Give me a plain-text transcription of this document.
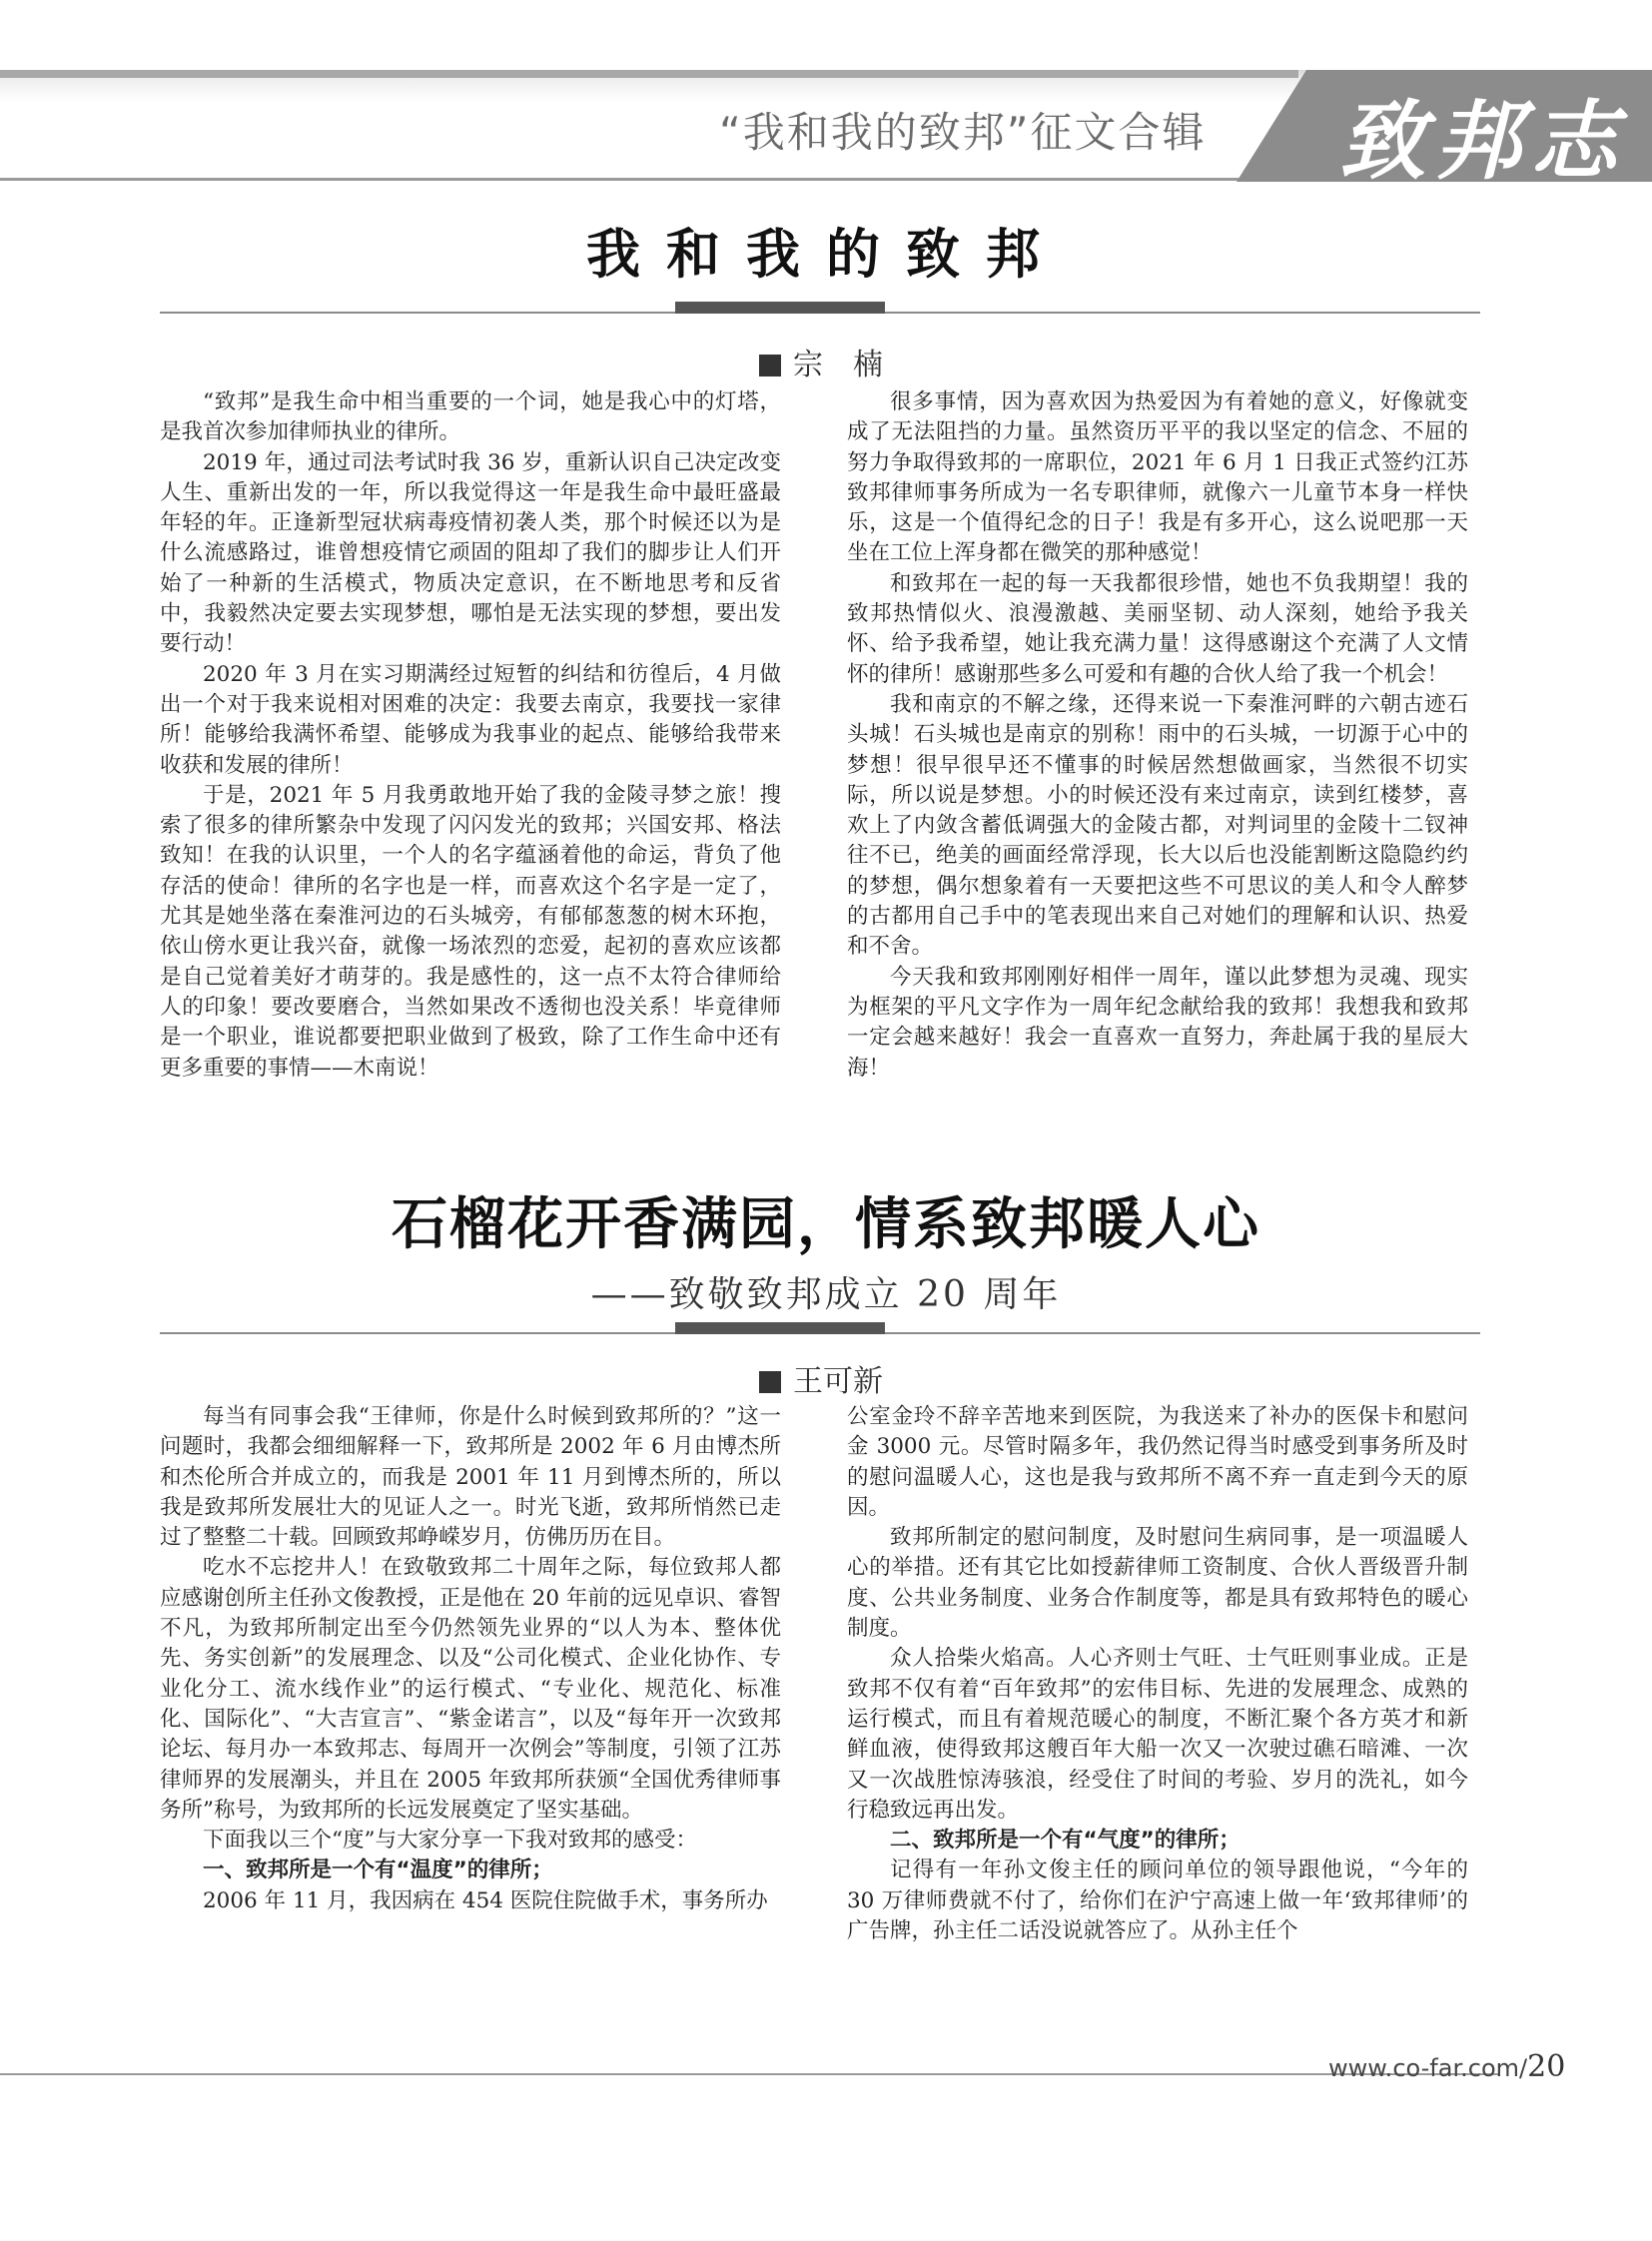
“我和我的致邦”征文合辑 致邦志
我和我的致邦
宗　楠

“致邦”是我生命中相当重要的一个词，她是我心中的灯塔，是我首次参加律师执业的律所。

2019 年，通过司法考试时我 36 岁，重新认识自己决定改变人生、重新出发的一年，所以我觉得这一年是我生命中最旺盛最年轻的年。正逢新型冠状病毒疫情初袭人类，那个时候还以为是什么流感路过，谁曾想疫情它顽固的阻却了我们的脚步让人们开始了一种新的生活模式，物质决定意识，在不断地思考和反省中，我毅然决定要去实现梦想，哪怕是无法实现的梦想，要出发要行动！

2020 年 3 月在实习期满经过短暂的纠结和彷徨后，4 月做出一个对于我来说相对困难的决定：我要去南京，我要找一家律所！能够给我满怀希望、能够成为我事业的起点、能够给我带来收获和发展的律所！

于是，2021 年 5 月我勇敢地开始了我的金陵寻梦之旅！搜索了很多的律所繁杂中发现了闪闪发光的致邦；兴国安邦、格法致知！在我的认识里，一个人的名字蕴涵着他的命运，背负了他存活的使命！律所的名字也是一样，而喜欢这个名字是一定了，尤其是她坐落在秦淮河边的石头城旁，有郁郁葱葱的树木环抱，依山傍水更让我兴奋，就像一场浓烈的恋爱，起初的喜欢应该都是自己觉着美好才萌芽的。我是感性的，这一点不太符合律师给人的印象！要改要磨合，当然如果改不透彻也没关系！毕竟律师是一个职业，谁说都要把职业做到了极致，除了工作生命中还有更多重要的事情——木南说！

很多事情，因为喜欢因为热爱因为有着她的意义，好像就变成了无法阻挡的力量。虽然资历平平的我以坚定的信念、不屈的努力争取得致邦的一席职位，2021 年 6 月 1 日我正式签约江苏致邦律师事务所成为一名专职律师，就像六一儿童节本身一样快乐，这是一个值得纪念的日子！我是有多开心，这么说吧那一天坐在工位上浑身都在微笑的那种感觉！

和致邦在一起的每一天我都很珍惜，她也不负我期望！我的致邦热情似火、浪漫激越、美丽坚韧、动人深刻，她给予我关怀、给予我希望，她让我充满力量！这得感谢这个充满了人文情怀的律所！感谢那些多么可爱和有趣的合伙人给了我一个机会！

我和南京的不解之缘，还得来说一下秦淮河畔的六朝古迹石头城！石头城也是南京的别称！雨中的石头城，一切源于心中的梦想！很早很早还不懂事的时候居然想做画家，当然很不切实际，所以说是梦想。小的时候还没有来过南京，读到红楼梦，喜欢上了内敛含蓄低调强大的金陵古都，对判词里的金陵十二钗神往不已，绝美的画面经常浮现，长大以后也没能割断这隐隐约约的梦想，偶尔想象着有一天要把这些不可思议的美人和令人醉梦的古都用自己手中的笔表现出来自己对她们的理解和认识、热爱和不舍。

今天我和致邦刚刚好相伴一周年，谨以此梦想为灵魂、现实为框架的平凡文字作为一周年纪念献给我的致邦！我想我和致邦一定会越来越好！我会一直喜欢一直努力，奔赴属于我的星辰大海！

石榴花开香满园，情系致邦暖人心
——致敬致邦成立 20 周年
王可新

每当有同事会我“王律师，你是什么时候到致邦所的？”这一问题时，我都会细细解释一下，致邦所是 2002 年 6 月由博杰所和杰伦所合并成立的，而我是 2001 年 11 月到博杰所的，所以我是致邦所发展壮大的见证人之一。时光飞逝，致邦所悄然已走过了整整二十载。回顾致邦峥嵘岁月，仿佛历历在目。

吃水不忘挖井人！在致敬致邦二十周年之际，每位致邦人都应感谢创所主任孙文俊教授，正是他在 20 年前的远见卓识、睿智不凡，为致邦所制定出至今仍然领先业界的“以人为本、整体优先、务实创新”的发展理念、以及“公司化模式、企业化协作、专业化分工、流水线作业”的运行模式、“专业化、规范化、标准化、国际化”、“大吉宣言”、“紫金诺言”，以及“每年开一次致邦论坛、每月办一本致邦志、每周开一次例会”等制度，引领了江苏律师界的发展潮头，并且在 2005 年致邦所获颁“全国优秀律师事务所”称号，为致邦所的长远发展奠定了坚实基础。

下面我以三个“度”与大家分享一下我对致邦的感受：

一、致邦所是一个有“温度”的律所；

2006 年 11 月，我因病在 454 医院住院做手术，事务所办

公室金玲不辞辛苦地来到医院，为我送来了补办的医保卡和慰问金 3000 元。尽管时隔多年，我仍然记得当时感受到事务所及时的慰问温暖人心，这也是我与致邦所不离不弃一直走到今天的原因。

致邦所制定的慰问制度，及时慰问生病同事，是一项温暖人心的举措。还有其它比如授薪律师工资制度、合伙人晋级晋升制度、公共业务制度、业务合作制度等，都是具有致邦特色的暖心制度。

众人拾柴火焰高。人心齐则士气旺、士气旺则事业成。正是致邦不仅有着“百年致邦”的宏伟目标、先进的发展理念、成熟的运行模式，而且有着规范暖心的制度，不断汇聚个各方英才和新鲜血液，使得致邦这艘百年大船一次又一次驶过礁石暗滩、一次又一次战胜惊涛骇浪，经受住了时间的考验、岁月的洗礼，如今行稳致远再出发。

二、致邦所是一个有“气度”的律所；

记得有一年孙文俊主任的顾问单位的领导跟他说，“今年的 30 万律师费就不付了，给你们在沪宁高速上做一年‘致邦律师’的广告牌，孙主任二话没说就答应了。从孙主任个

www.co-far.com/20
